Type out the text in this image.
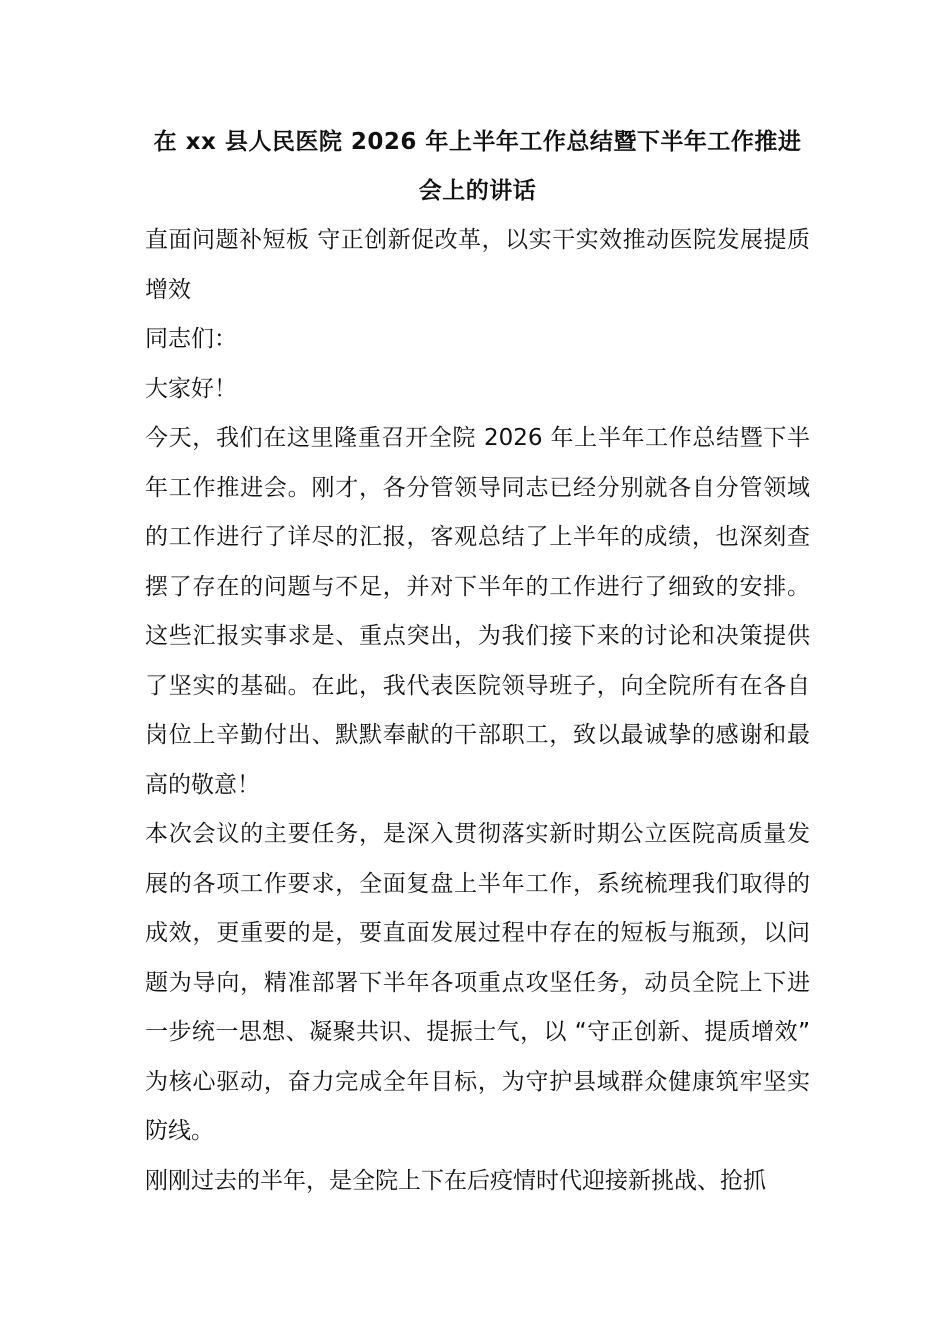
在 xx 县人民医院 2026 年上半年工作总结暨下半年工作推进会上的讲话

直面问题补短板 守正创新促改革，以实干实效推动医院发展提质增效

同志们：

大家好！

今天，我们在这里隆重召开全院 2026 年上半年工作总结暨下半年工作推进会。刚才，各分管领导同志已经分别就各自分管领域的工作进行了详尽的汇报，客观总结了上半年的成绩，也深刻查摆了存在的问题与不足，并对下半年的工作进行了细致的安排。这些汇报实事求是、重点突出，为我们接下来的讨论和决策提供了坚实的基础。在此，我代表医院领导班子，向全院所有在各自岗位上辛勤付出、默默奉献的干部职工，致以最诚挚的感谢和最高的敬意！

本次会议的主要任务，是深入贯彻落实新时期公立医院高质量发展的各项工作要求，全面复盘上半年工作，系统梳理我们取得的成效，更重要的是，要直面发展过程中存在的短板与瓶颈，以问题为导向，精准部署下半年各项重点攻坚任务，动员全院上下进一步统一思想、凝聚共识、提振士气，以 “守正创新、提质增效” 为核心驱动，奋力完成全年目标，为守护县域群众健康筑牢坚实防线。

刚刚过去的半年，是全院上下在后疫情时代迎接新挑战、抢抓
